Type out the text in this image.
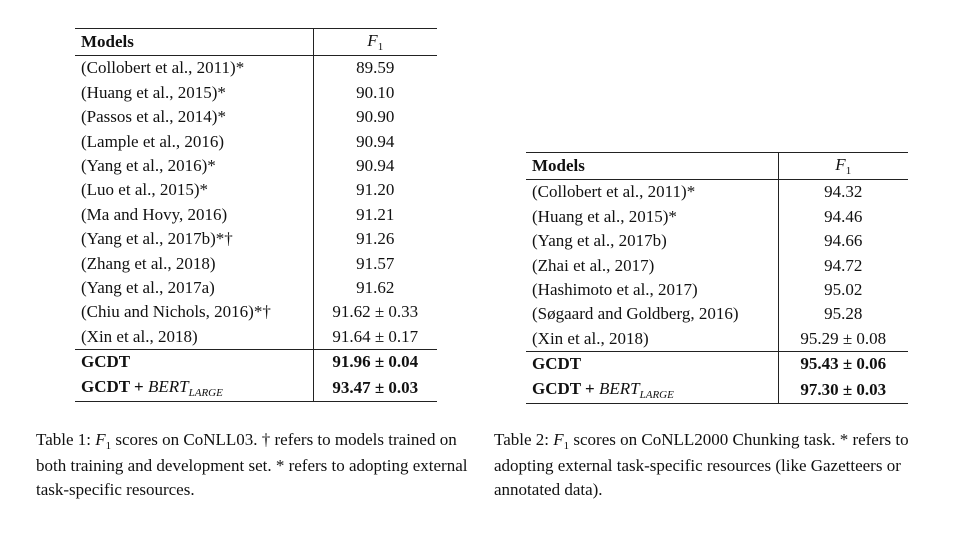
Models	$F_1$
(Collobert et al., 2011)*	89.59
(Huang et al., 2015)*	90.10
(Passos et al., 2014)*	90.90
(Lample et al., 2016)	90.94
(Yang et al., 2016)*	90.94
(Luo et al., 2015)*	91.20
(Ma and Hovy, 2016)	91.21
(Yang et al., 2017b)*†	91.26
(Zhang et al., 2018)	91.57
(Yang et al., 2017a)	91.62
(Chiu and Nichols, 2016)*†	91.62 ± 0.33
(Xin et al., 2018)	91.64 ± 0.17
GCDT	91.96 ± 0.04
GCDT + $BERT_{LARGE}$	93.47 ± 0.03
Models	$F_1$
(Collobert et al., 2011)*	94.32
(Huang et al., 2015)*	94.46
(Yang et al., 2017b)	94.66
(Zhai et al., 2017)	94.72
(Hashimoto et al., 2017)	95.02
(Søgaard and Goldberg, 2016)	95.28
(Xin et al., 2018)	95.29 ± 0.08
GCDT	95.43 ± 0.06
GCDT + $BERT_{LARGE}$	97.30 ± 0.03
Table 1: $F_1$ scores on CoNLL03. † refers to models trained on both training and development set. * refers to adopting external task-specific resources.
Table 2: $F_1$ scores on CoNLL2000 Chunking task. * refers to adopting external task-specific resources (like Gazetteers or annotated data).
